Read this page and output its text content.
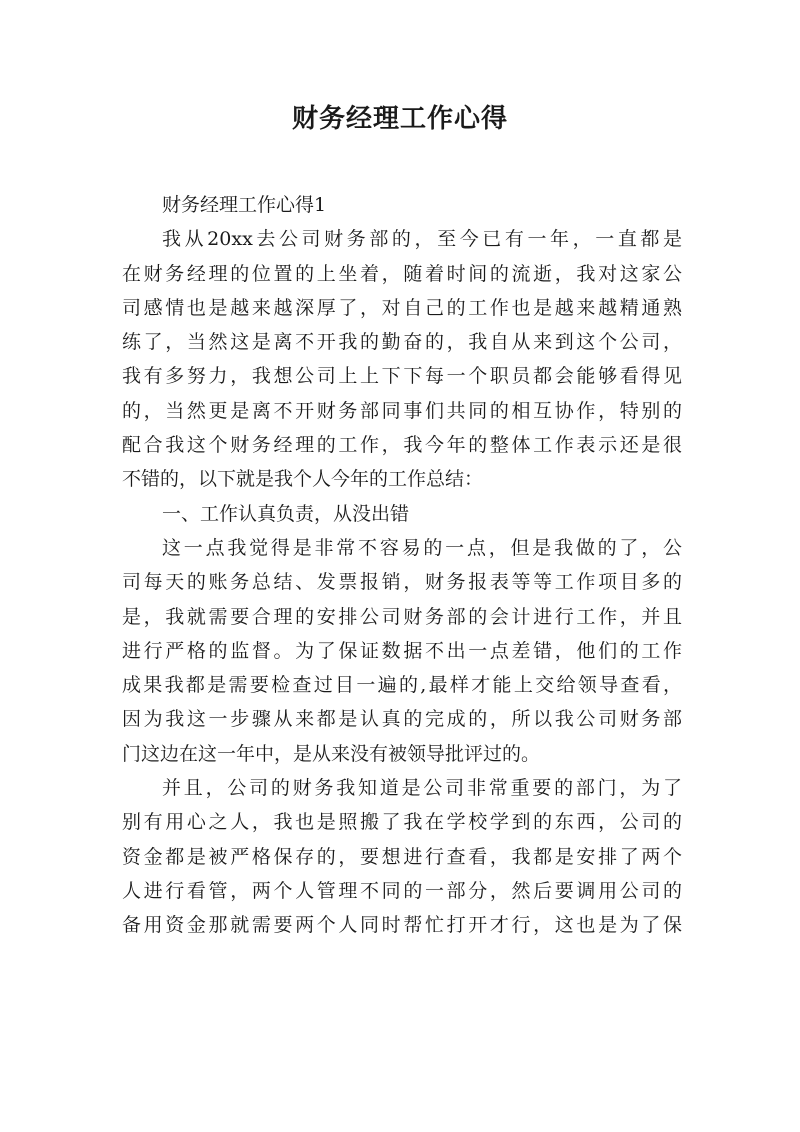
财务经理工作心得
财务经理工作心得1
我从20xx去公司财务部的，至今已有一年，一直都是
在财务经理的位置的上坐着，随着时间的流逝，我对这家公
司感情也是越来越深厚了，对自己的工作也是越来越精通熟
练了，当然这是离不开我的勤奋的，我自从来到这个公司，
我有多努力，我想公司上上下下每一个职员都会能够看得见
的，当然更是离不开财务部同事们共同的相互协作，特别的
配合我这个财务经理的工作，我今年的整体工作表示还是很
不错的，以下就是我个人今年的工作总结：
一、工作认真负责，从没出错
这一点我觉得是非常不容易的一点，但是我做的了，公
司每天的账务总结、发票报销，财务报表等等工作项目多的
是，我就需要合理的安排公司财务部的会计进行工作，并且
进行严格的监督。为了保证数据不出一点差错，他们的工作
成果我都是需要检查过目一遍的,最样才能上交给领导查看，
因为我这一步骤从来都是认真的完成的，所以我公司财务部
门这边在这一年中，是从来没有被领导批评过的。
并且，公司的财务我知道是公司非常重要的部门，为了
别有用心之人，我也是照搬了我在学校学到的东西，公司的
资金都是被严格保存的，要想进行查看，我都是安排了两个
人进行看管，两个人管理不同的一部分，然后要调用公司的
备用资金那就需要两个人同时帮忙打开才行，这也是为了保
